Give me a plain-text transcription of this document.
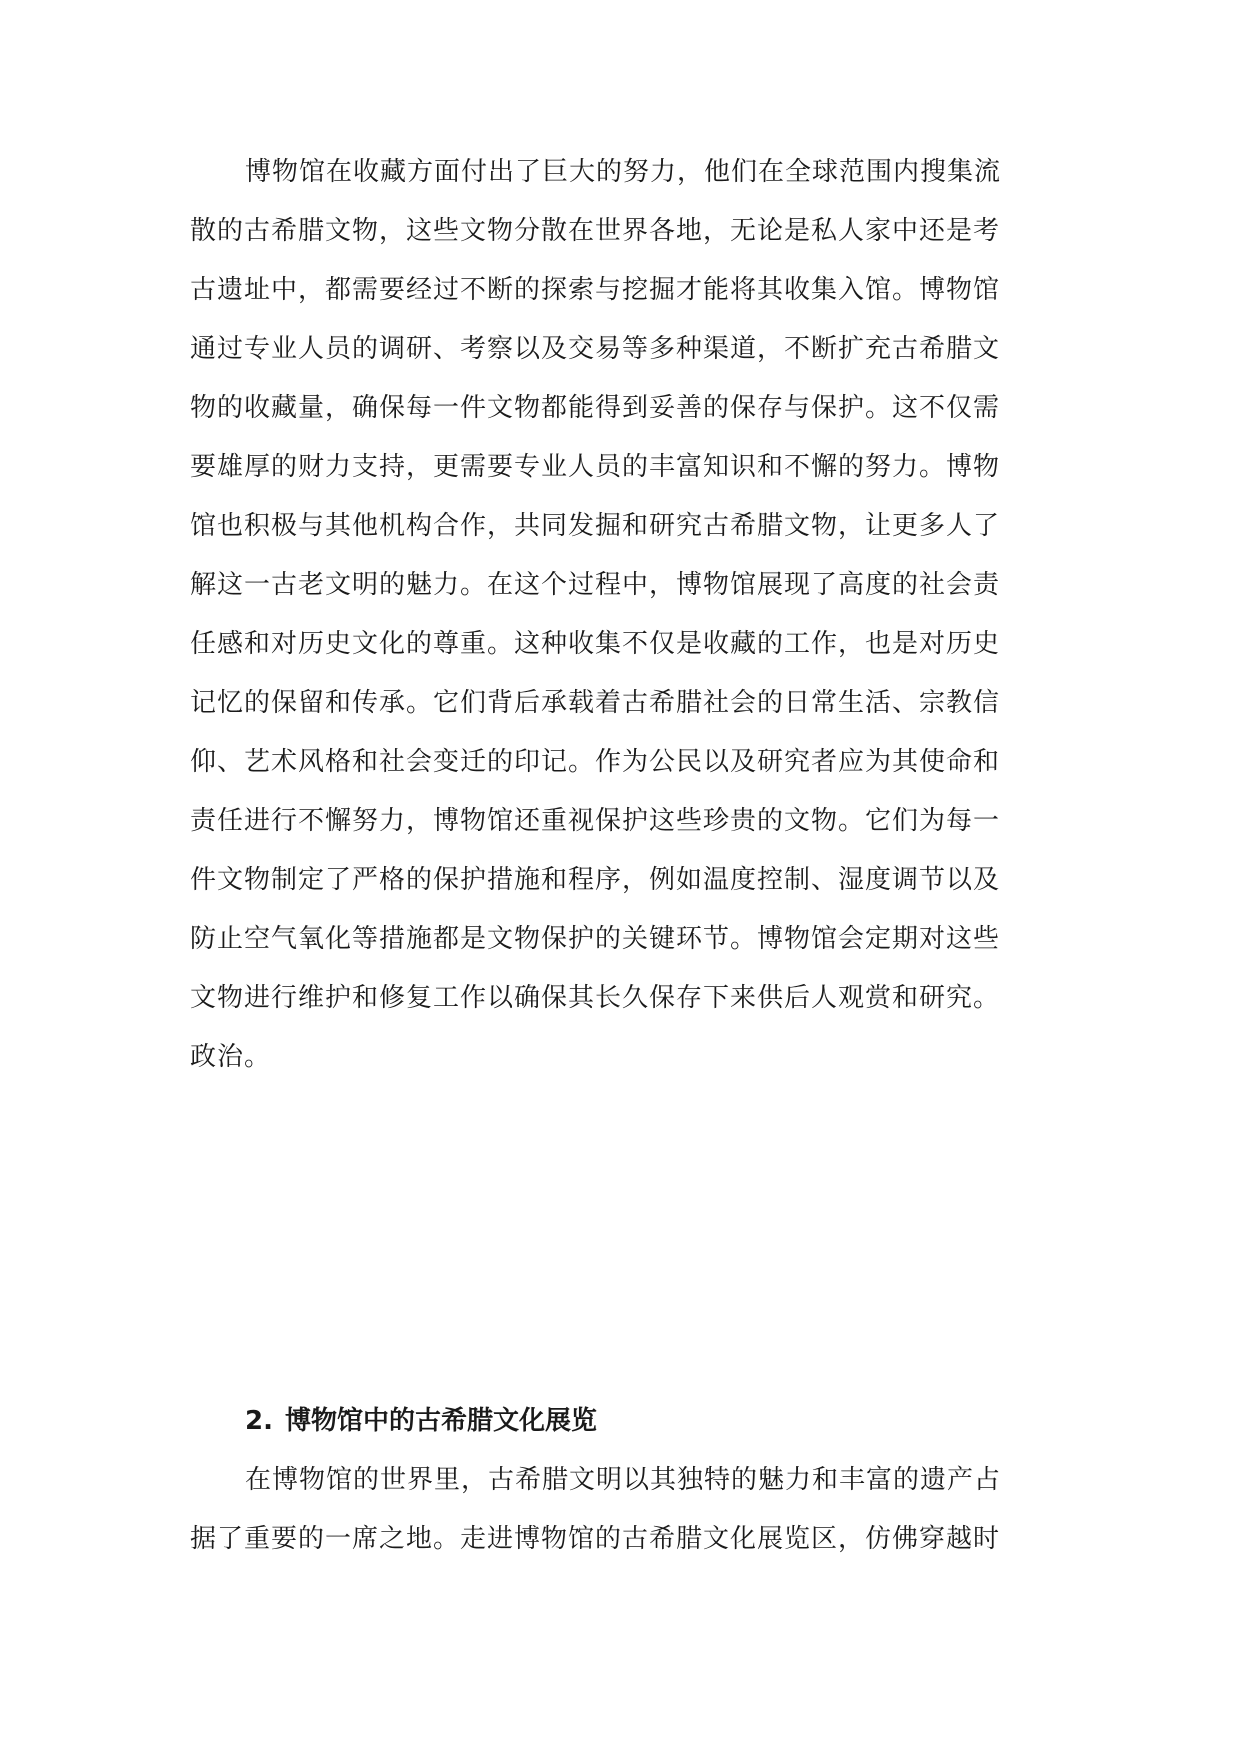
博物馆在收藏方面付出了巨大的努力，他们在全球范围内搜集流
散的古希腊文物，这些文物分散在世界各地，无论是私人家中还是考
古遗址中，都需要经过不断的探索与挖掘才能将其收集入馆。博物馆
通过专业人员的调研、考察以及交易等多种渠道，不断扩充古希腊文
物的收藏量，确保每一件文物都能得到妥善的保存与保护。这不仅需
要雄厚的财力支持，更需要专业人员的丰富知识和不懈的努力。博物
馆也积极与其他机构合作，共同发掘和研究古希腊文物，让更多人了
解这一古老文明的魅力。在这个过程中，博物馆展现了高度的社会责
任感和对历史文化的尊重。这种收集不仅是收藏的工作，也是对历史
记忆的保留和传承。它们背后承载着古希腊社会的日常生活、宗教信
仰、艺术风格和社会变迁的印记。作为公民以及研究者应为其使命和
责任进行不懈努力，博物馆还重视保护这些珍贵的文物。它们为每一
件文物制定了严格的保护措施和程序，例如温度控制、湿度调节以及
防止空气氧化等措施都是文物保护的关键环节。博物馆会定期对这些
文物进行维护和修复工作以确保其长久保存下来供后人观赏和研究。
政治。
2. 博物馆中的古希腊文化展览
在博物馆的世界里，古希腊文明以其独特的魅力和丰富的遗产占
据了重要的一席之地。走进博物馆的古希腊文化展览区，仿佛穿越时
